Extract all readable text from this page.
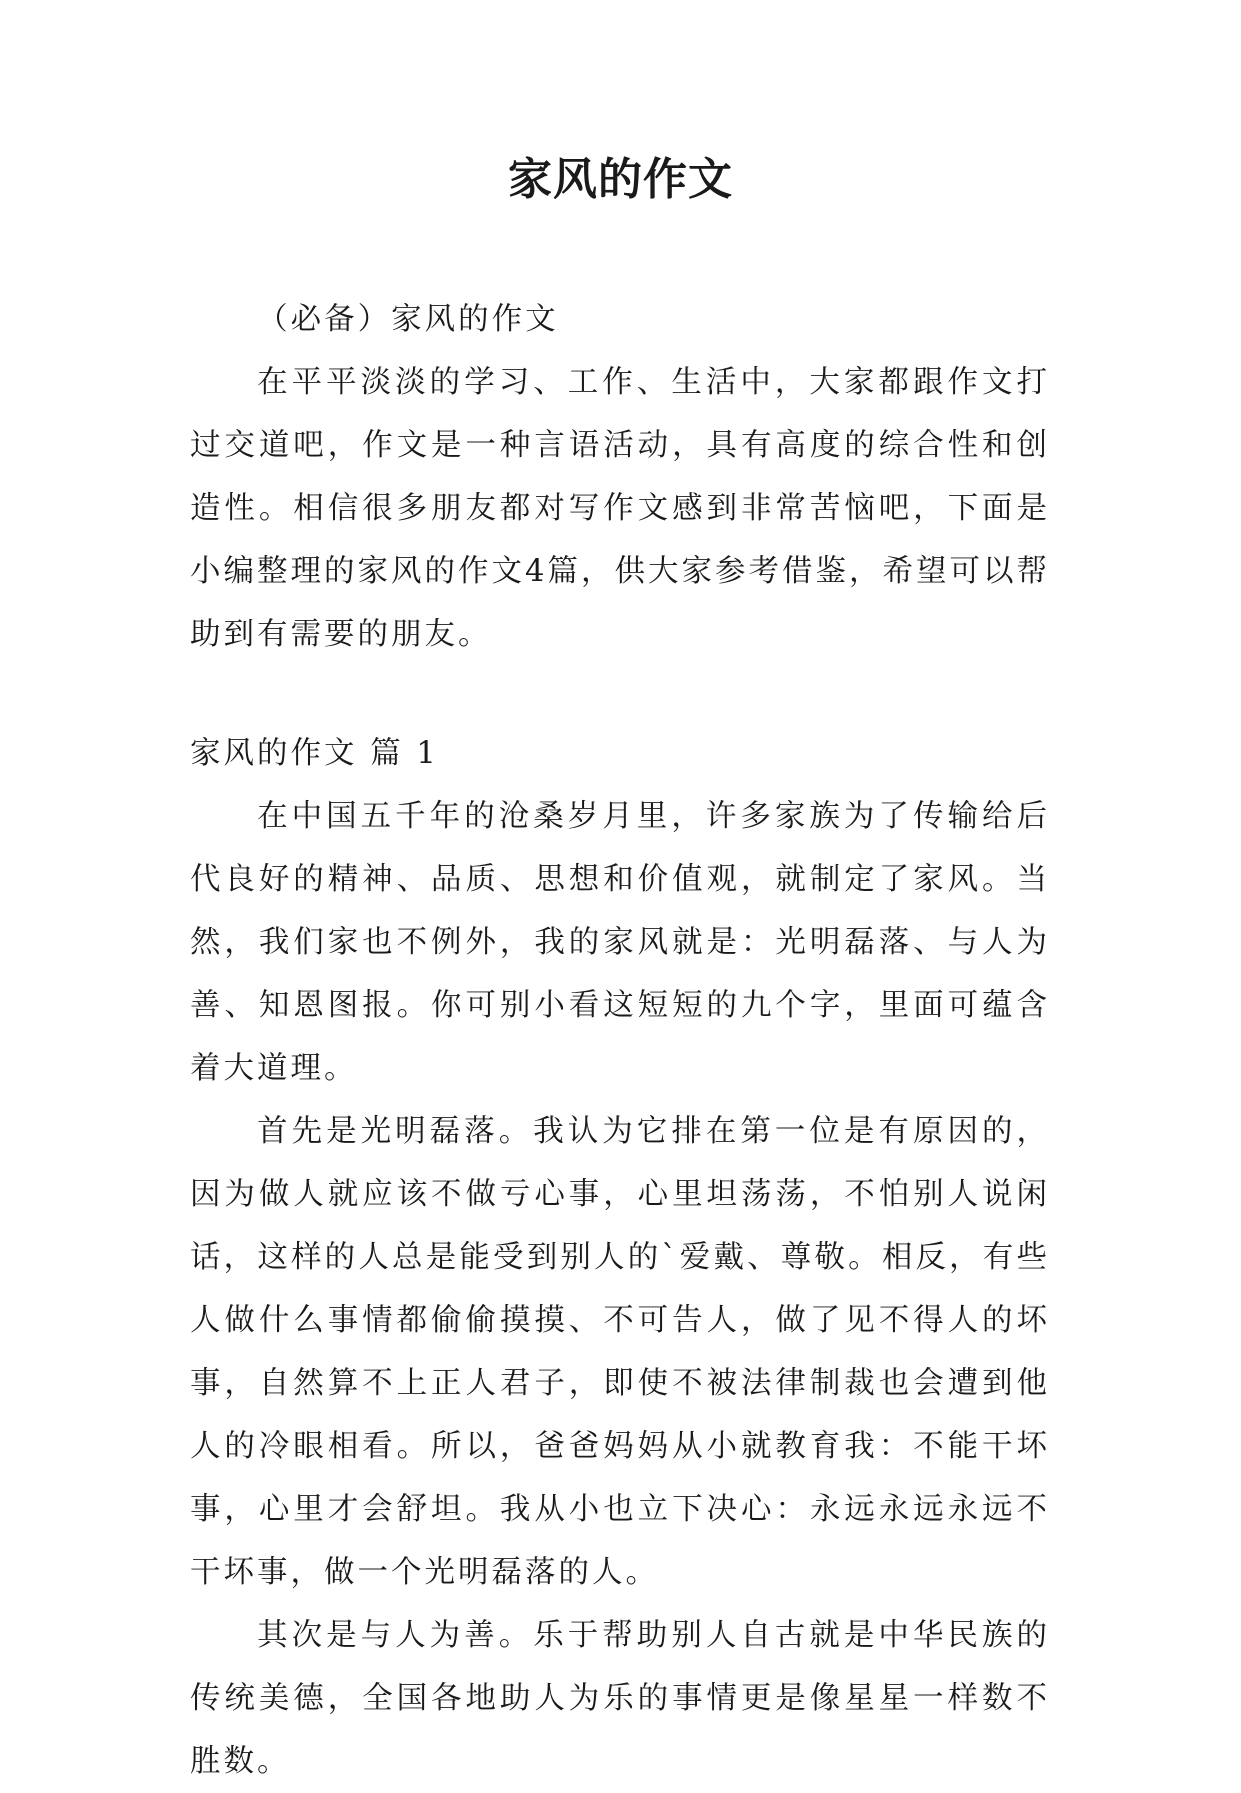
家风的作文

（必备）家风的作文

在平平淡淡的学习、工作、生活中，大家都跟作文打过交道吧，作文是一种言语活动，具有高度的综合性和创造性。相信很多朋友都对写作文感到非常苦恼吧，下面是小编整理的家风的作文4篇，供大家参考借鉴，希望可以帮助到有需要的朋友。

家风的作文 篇 1

在中国五千年的沧桑岁月里，许多家族为了传输给后代良好的精神、品质、思想和价值观，就制定了家风。当然，我们家也不例外，我的家风就是：光明磊落、与人为善、知恩图报。你可别小看这短短的九个字，里面可蕴含着大道理。

首先是光明磊落。我认为它排在第一位是有原因的，因为做人就应该不做亏心事，心里坦荡荡，不怕别人说闲话，这样的人总是能受到别人的`爱戴、尊敬。相反，有些人做什么事情都偷偷摸摸、不可告人，做了见不得人的坏事，自然算不上正人君子，即使不被法律制裁也会遭到他人的冷眼相看。所以，爸爸妈妈从小就教育我：不能干坏事，心里才会舒坦。我从小也立下决心：永远永远永远不干坏事，做一个光明磊落的人。

其次是与人为善。乐于帮助别人自古就是中华民族的传统美德，全国各地助人为乐的事情更是像星星一样数不胜数。
